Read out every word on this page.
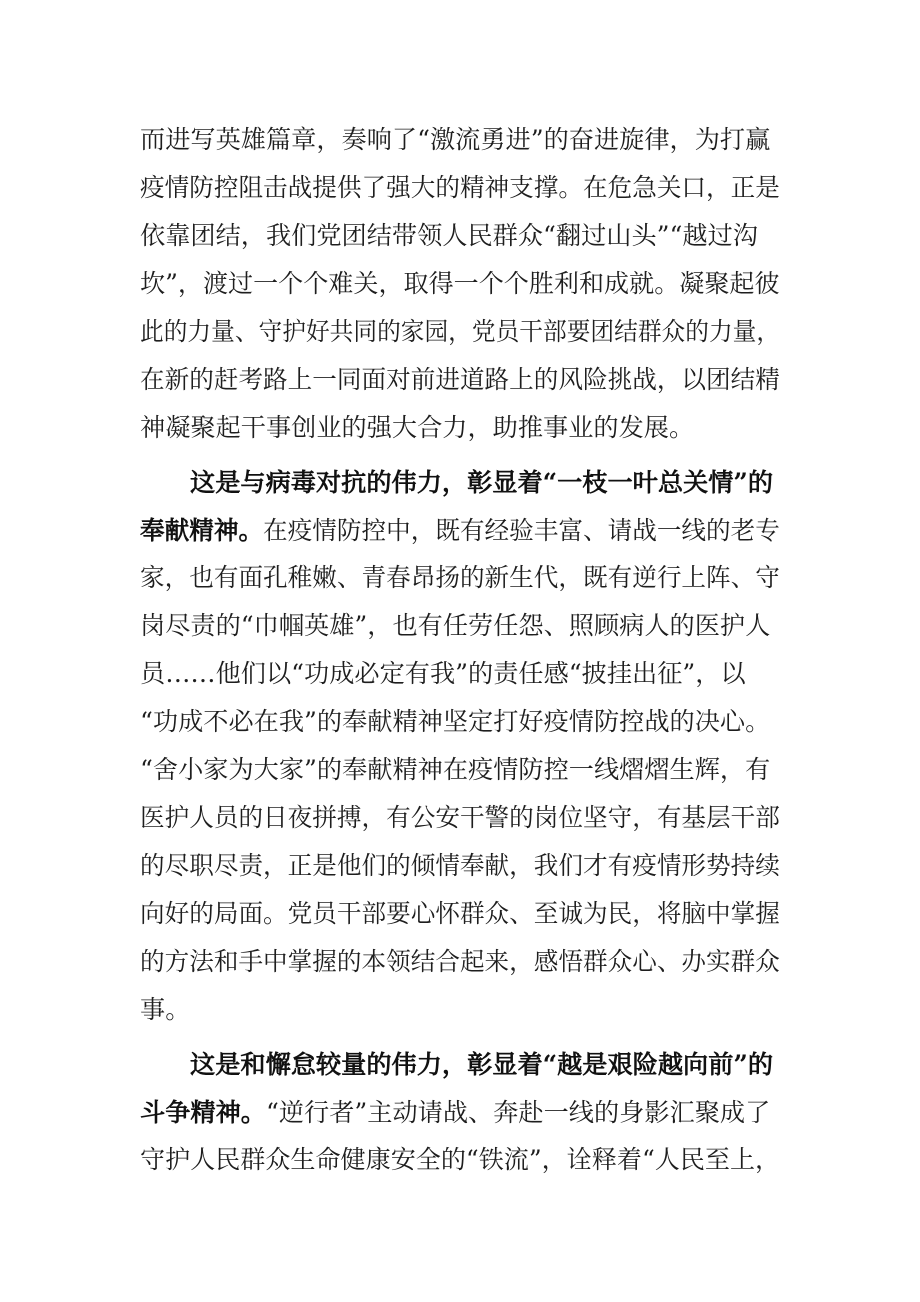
而进写英雄篇章，奏响了“激流勇进”的奋进旋律，为打赢
疫情防控阻击战提供了强大的精神支撑。在危急关口，正是
依靠团结，我们党团结带领人民群众“翻过山头”“越过沟
坎”，渡过一个个难关，取得一个个胜利和成就。凝聚起彼
此的力量、守护好共同的家园，党员干部要团结群众的力量，
在新的赶考路上一同面对前进道路上的风险挑战，以团结精
神凝聚起干事创业的强大合力，助推事业的发展。
这是与病毒对抗的伟力，彰显着“一枝一叶总关情”的
奉献精神。在疫情防控中，既有经验丰富、请战一线的老专
家，也有面孔稚嫩、青春昂扬的新生代，既有逆行上阵、守
岗尽责的“巾帼英雄”，也有任劳任怨、照顾病人的医护人
员……他们以“功成必定有我”的责任感“披挂出征”，以
“功成不必在我”的奉献精神坚定打好疫情防控战的决心。
“舍小家为大家”的奉献精神在疫情防控一线熠熠生辉，有
医护人员的日夜拼搏，有公安干警的岗位坚守，有基层干部
的尽职尽责，正是他们的倾情奉献，我们才有疫情形势持续
向好的局面。党员干部要心怀群众、至诚为民，将脑中掌握
的方法和手中掌握的本领结合起来，感悟群众心、办实群众
事。
这是和懈怠较量的伟力，彰显着“越是艰险越向前”的
斗争精神。“逆行者”主动请战、奔赴一线的身影汇聚成了
守护人民群众生命健康安全的“铁流”，诠释着“人民至上，
